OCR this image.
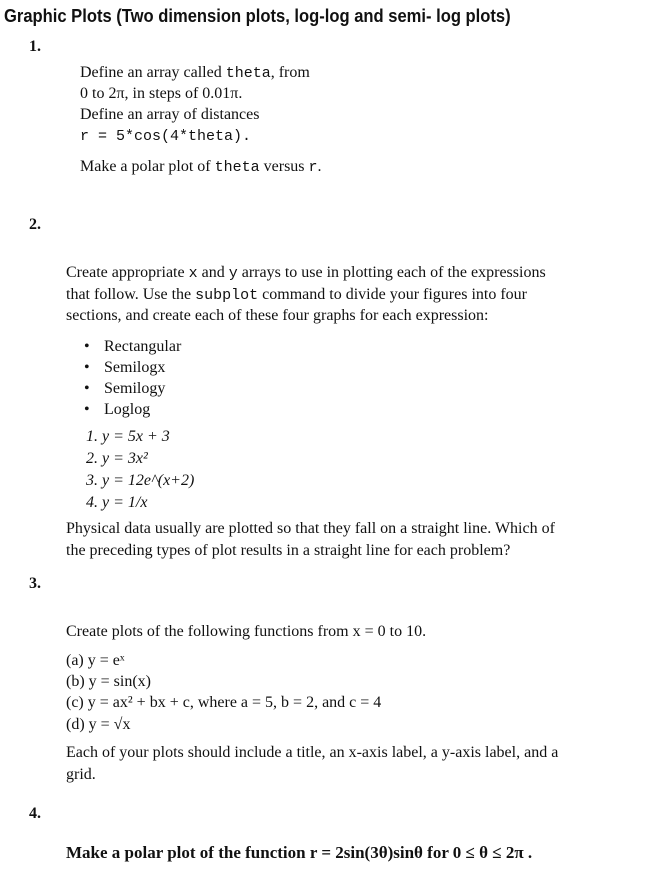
Graphic Plots (Two dimension plots, log-log and semi- log plots)
1.
Define an array called theta, from
0 to 2π, in steps of 0.01π.
Define an array of distances
r = 5*cos(4*theta).
Make a polar plot of theta versus r.
2.
Create appropriate x and y arrays to use in plotting each of the expressions
that follow. Use the subplot command to divide your figures into four
sections, and create each of these four graphs for each expression:
• Rectangular
• Semilogx
• Semilogy
• Loglog
1. y = 5x + 3
2. y = 3x²
3. y = 12e^(x+2)
4. y = 1/x
Physical data usually are plotted so that they fall on a straight line. Which of
the preceding types of plot results in a straight line for each problem?
3.
Create plots of the following functions from x = 0 to 10.
(a) y = eˣ
(b) y = sin(x)
(c) y = ax² + bx + c, where a = 5, b = 2, and c = 4
(d) y = √x
Each of your plots should include a title, an x-axis label, a y-axis label, and a
grid.
4.
Make a polar plot of the function r = 2sin(3θ)sinθ for 0 ≤ θ ≤ 2π .
